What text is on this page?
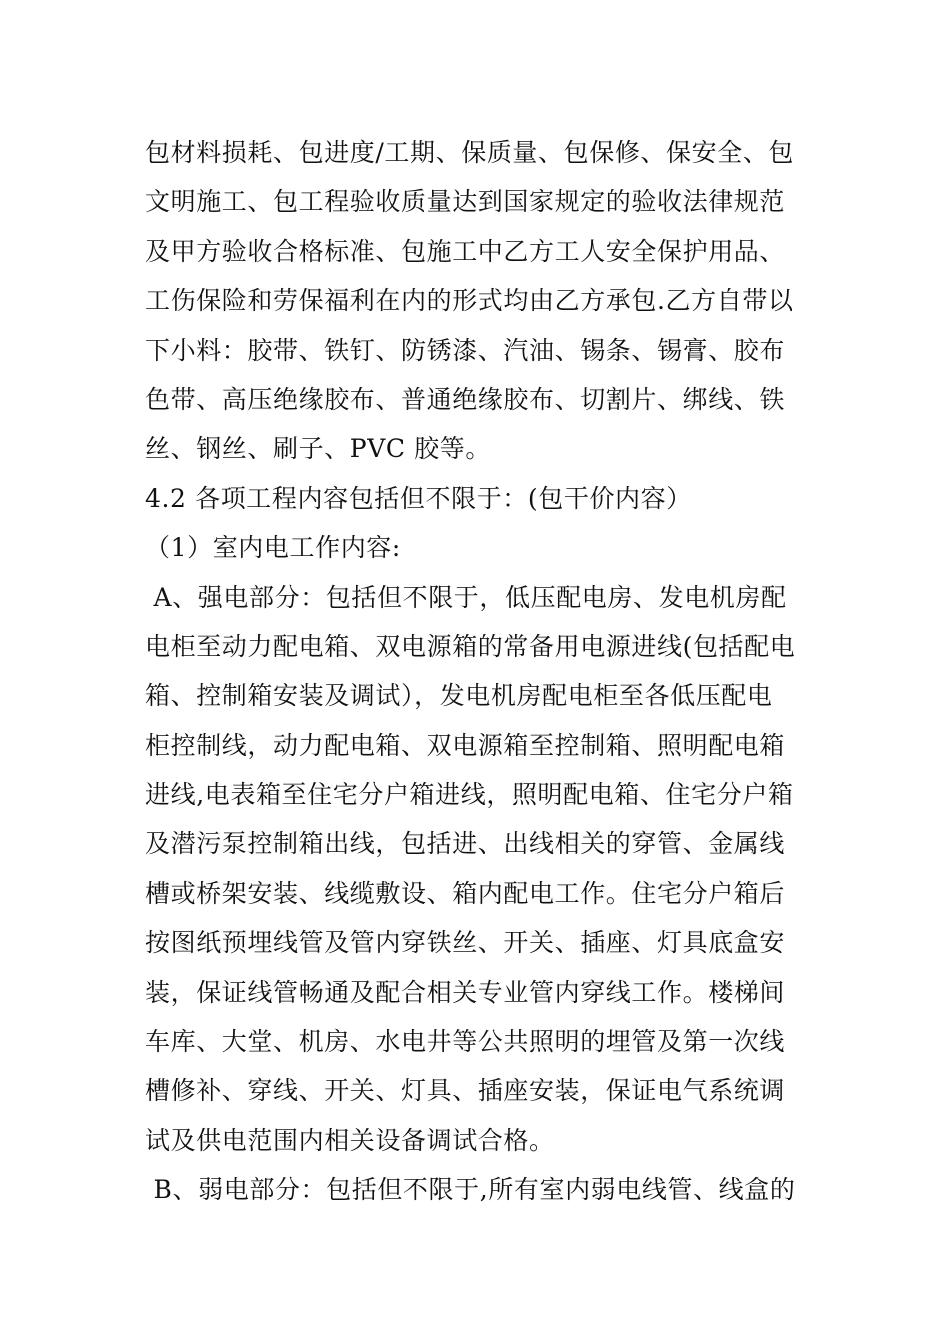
包材料损耗、包进度/工期、保质量、包保修、保安全、包
文明施工、包工程验收质量达到国家规定的验收法律规范
及甲方验收合格标准、包施工中乙方工人安全保护用品、
工伤保险和劳保福利在内的形式均由乙方承包.乙方自带以
下小料：胶带、铁钉、防锈漆、汽油、锡条、锡膏、胶布
色带、高压绝缘胶布、普通绝缘胶布、切割片、绑线、铁
丝、钢丝、刷子、PVC 胶等。
4.2 各项工程内容包括但不限于：(包干价内容）
（1）室内电工作内容:
A、强电部分：包括但不限于，低压配电房、发电机房配
电柜至动力配电箱、双电源箱的常备用电源进线(包括配电
箱、控制箱安装及调试），发电机房配电柜至各低压配电
柜控制线，动力配电箱、双电源箱至控制箱、照明配电箱
进线,电表箱至住宅分户箱进线，照明配电箱、住宅分户箱
及潜污泵控制箱出线，包括进、出线相关的穿管、金属线
槽或桥架安装、线缆敷设、箱内配电工作。住宅分户箱后
按图纸预埋线管及管内穿铁丝、开关、插座、灯具底盒安
装，保证线管畅通及配合相关专业管内穿线工作。楼梯间
车库、大堂、机房、水电井等公共照明的埋管及第一次线
槽修补、穿线、开关、灯具、插座安装，保证电气系统调
试及供电范围内相关设备调试合格。
B、弱电部分：包括但不限于,所有室内弱电线管、线盒的
